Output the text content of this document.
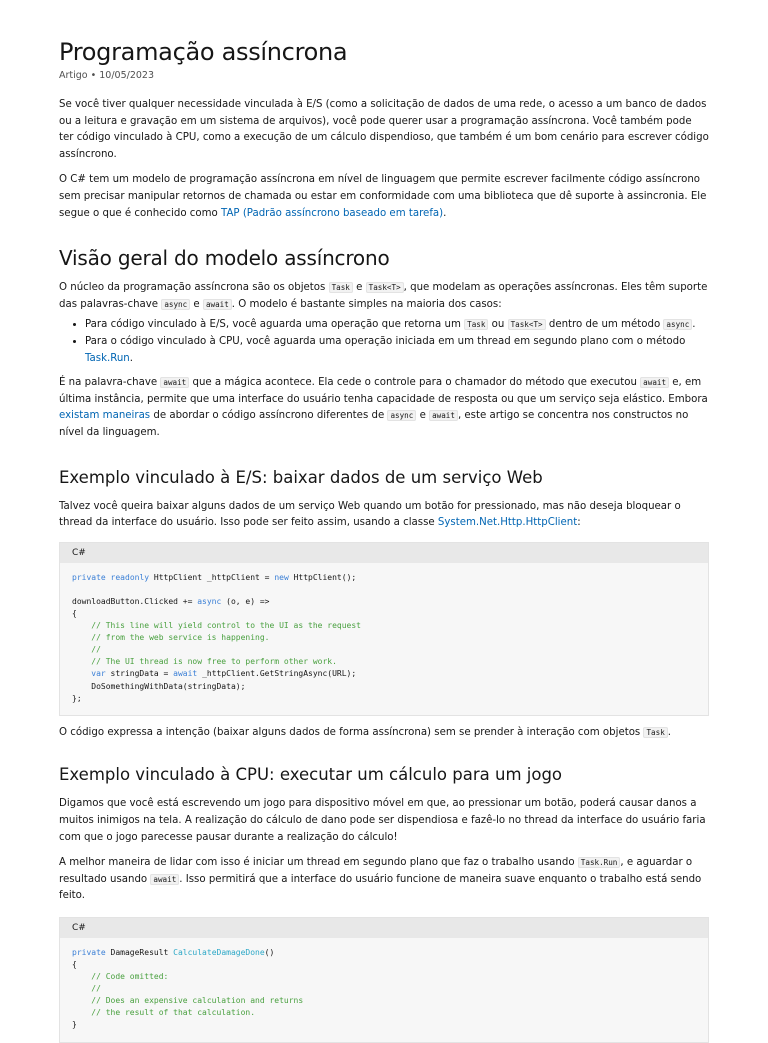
Programação assíncrona
Artigo • 10/05/2023

Se você tiver qualquer necessidade vinculada à E/S (como a solicitação de dados de uma rede, o acesso a um banco de dados ou a leitura e gravação em um sistema de arquivos), você pode querer usar a programação assíncrona. Você também pode ter código vinculado à CPU, como a execução de um cálculo dispendioso, que também é um bom cenário para escrever código assíncrono.

O C# tem um modelo de programação assíncrona em nível de linguagem que permite escrever facilmente código assíncrono sem precisar manipular retornos de chamada ou estar em conformidade com uma biblioteca que dê suporte à assincronia. Ele segue o que é conhecido como TAP (Padrão assíncrono baseado em tarefa).

Visão geral do modelo assíncrono

O núcleo da programação assíncrona são os objetos Task e Task<T> , que modelam as operações assíncronas. Eles têm suporte das palavras-chave async e await . O modelo é bastante simples na maioria dos casos:

• Para código vinculado à E/S, você aguarda uma operação que retorna um Task ou Task<T> dentro de um método async .
• Para o código vinculado à CPU, você aguarda uma operação iniciada em um thread em segundo plano com o método Task.Run.

É na palavra-chave await que a mágica acontece. Ela cede o controle para o chamador do método que executou await e, em última instância, permite que uma interface do usuário tenha capacidade de resposta ou que um serviço seja elástico. Embora existam maneiras de abordar o código assíncrono diferentes de async e await , este artigo se concentra nos constructos no nível da linguagem.

Exemplo vinculado à E/S: baixar dados de um serviço Web

Talvez você queira baixar alguns dados de um serviço Web quando um botão for pressionado, mas não deseja bloquear o thread da interface do usuário. Isso pode ser feito assim, usando a classe System.Net.Http.HttpClient:

C#
private readonly HttpClient _httpClient = new HttpClient();

downloadButton.Clicked += async (o, e) =>
{
// This line will yield control to the UI as the request
// from the web service is happening.
//
// The UI thread is now free to perform other work.
var stringData = await _httpClient.GetStringAsync(URL);
DoSomethingWithData(stringData);
};

O código expressa a intenção (baixar alguns dados de forma assíncrona) sem se prender à interação com objetos Task .

Exemplo vinculado à CPU: executar um cálculo para um jogo

Digamos que você está escrevendo um jogo para dispositivo móvel em que, ao pressionar um botão, poderá causar danos a muitos inimigos na tela. A realização do cálculo de dano pode ser dispendiosa e fazê-lo no thread da interface do usuário faria com que o jogo parecesse pausar durante a realização do cálculo!

A melhor maneira de lidar com isso é iniciar um thread em segundo plano que faz o trabalho usando Task.Run , e aguardar o resultado usando await . Isso permitirá que a interface do usuário funcione de maneira suave enquanto o trabalho está sendo feito.

C#
private DamageResult CalculateDamageDone()
{
// Code omitted:
//
// Does an expensive calculation and returns
// the result of that calculation.
}
